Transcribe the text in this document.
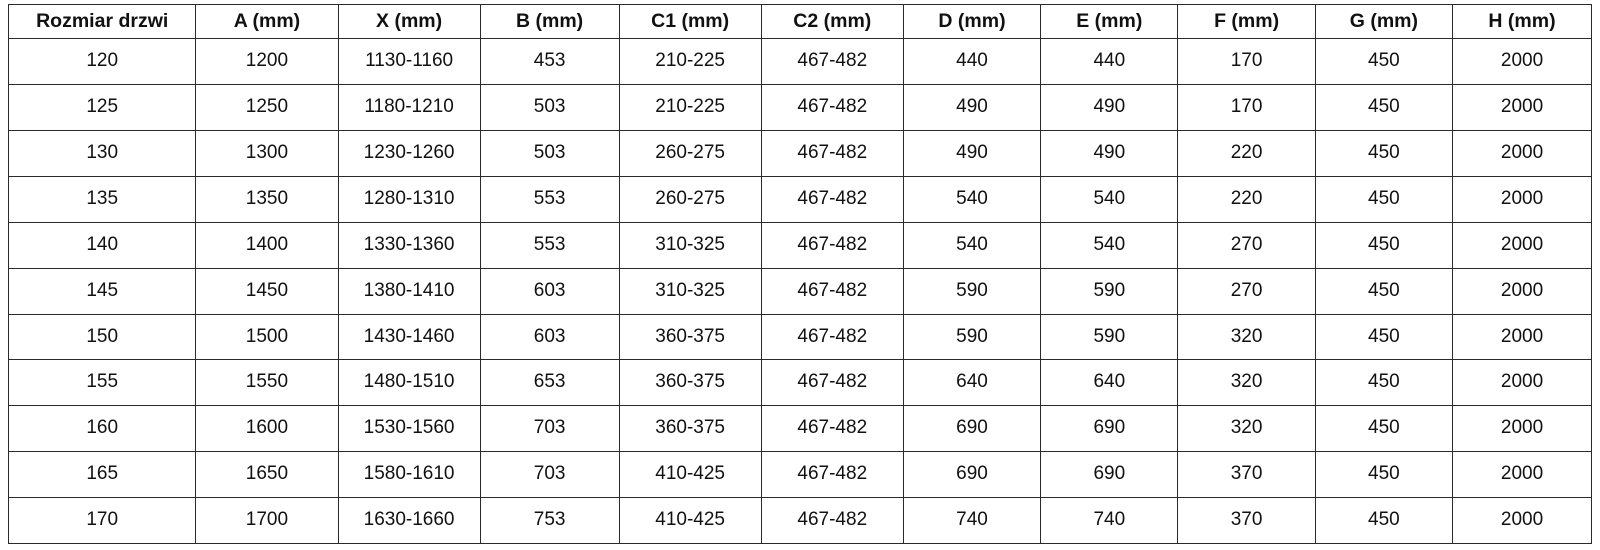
Rozmiar drzwi	A (mm)	X (mm)	B (mm)	C1 (mm)	C2 (mm)	D (mm)	E (mm)	F (mm)	G (mm)	H (mm)
120	1200	1130-1160	453	210-225	467-482	440	440	170	450	2000
125	1250	1180-1210	503	210-225	467-482	490	490	170	450	2000
130	1300	1230-1260	503	260-275	467-482	490	490	220	450	2000
135	1350	1280-1310	553	260-275	467-482	540	540	220	450	2000
140	1400	1330-1360	553	310-325	467-482	540	540	270	450	2000
145	1450	1380-1410	603	310-325	467-482	590	590	270	450	2000
150	1500	1430-1460	603	360-375	467-482	590	590	320	450	2000
155	1550	1480-1510	653	360-375	467-482	640	640	320	450	2000
160	1600	1530-1560	703	360-375	467-482	690	690	320	450	2000
165	1650	1580-1610	703	410-425	467-482	690	690	370	450	2000
170	1700	1630-1660	753	410-425	467-482	740	740	370	450	2000
